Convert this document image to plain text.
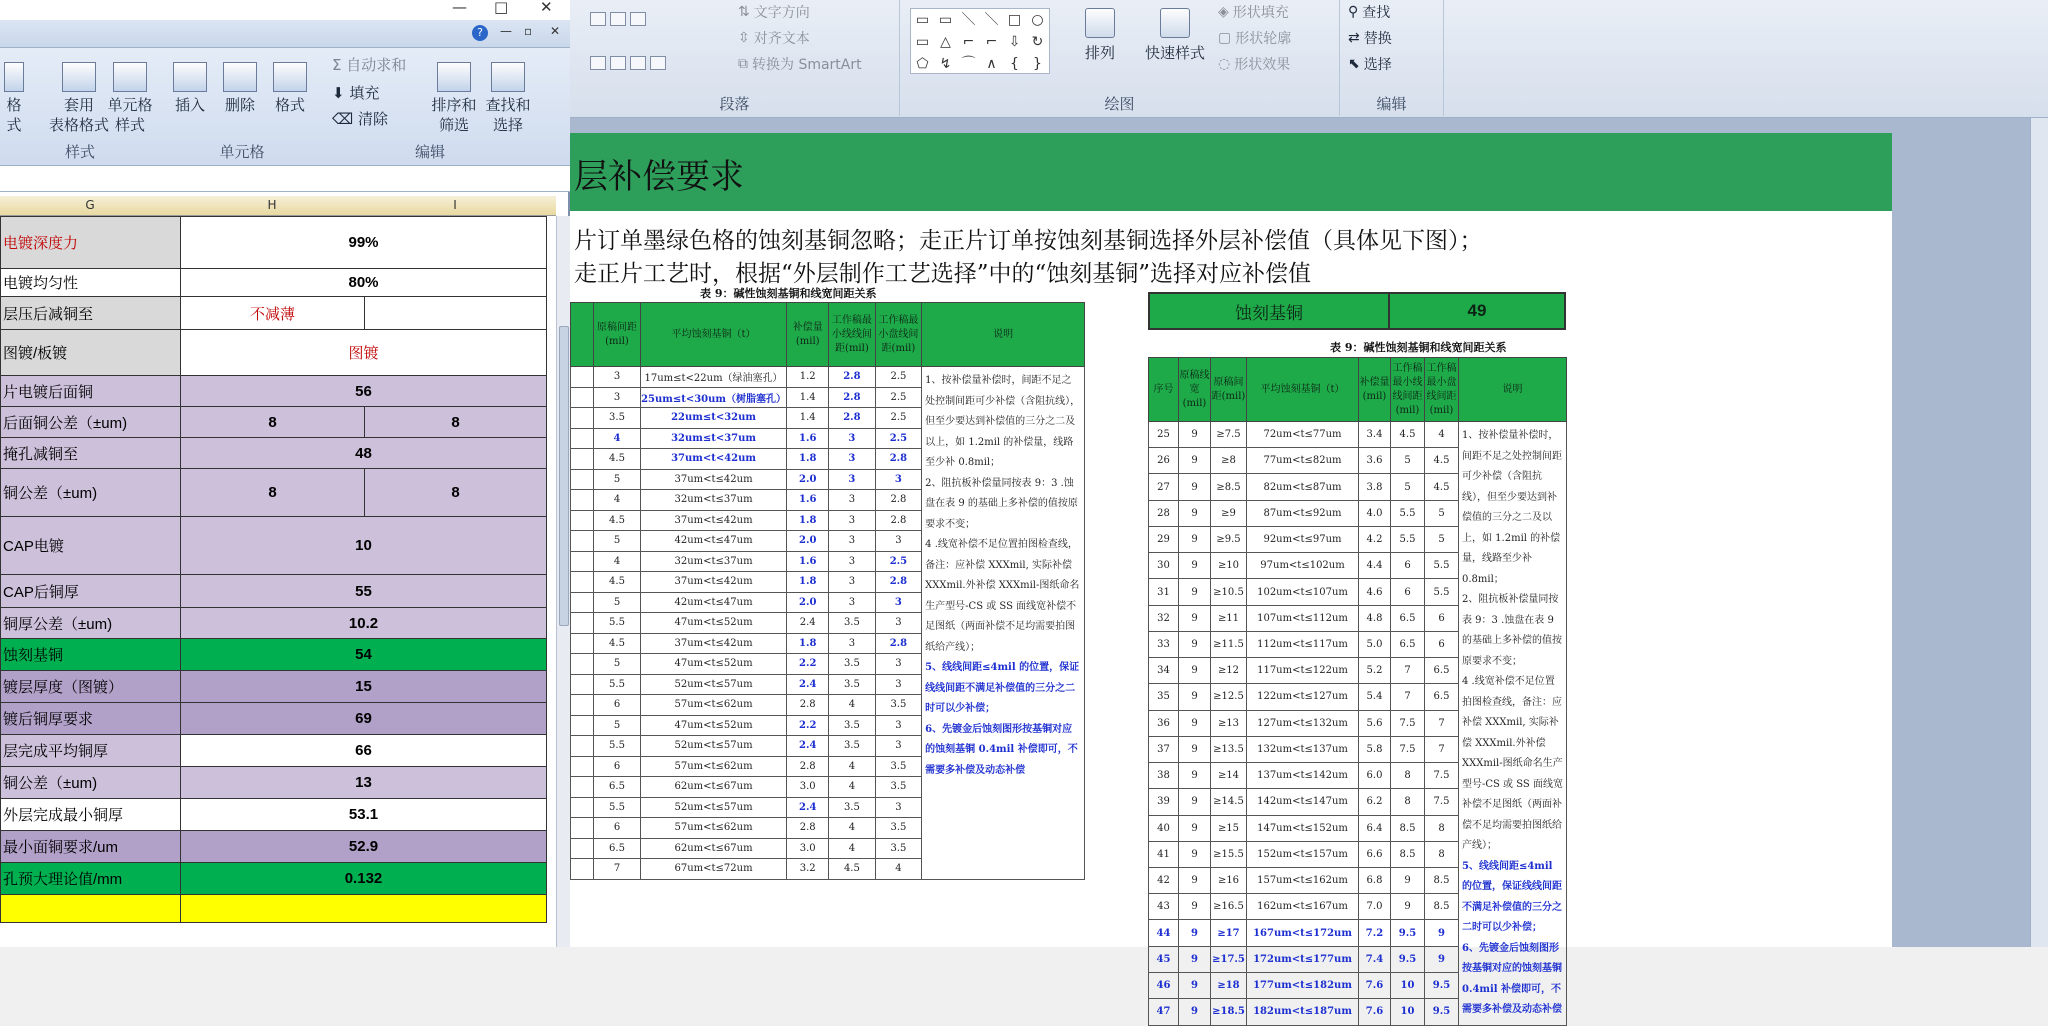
⇅ 文字方向
⇳ 对齐文本
⧉ 转换为 SmartArt
段落
▭ ▭ ＼ ＼ □ ○
▭ △ ⌐ ⌐ ⇩ ↻
⬠ ↯ ⌒ ∧ {	}
排列	快速样式
◈ 形状填充
▢ 形状轮廓
◌ 形状效果
绘图
⚲ 查找
⇄ 替换
⬉ 选择
编辑
层补偿要求
片订单墨绿色格的蚀刻基铜忽略；走正片订单按蚀刻基铜选择外层补偿值（具体见下图）；
走正片工艺时，根据“外层制作工艺选择”中的“蚀刻基铜”选择对应补偿值
表 9：碱性蚀刻基铜和线宽间距关系
	原稿间距(mil)	平均蚀刻基铜（t）	补偿量(mil)	工作稿最小线线间距(mil)	工作稿最小盘线间距(mil)	说明
	3	17um≤t<22um（绿油塞孔）	1.2	2.8	2.5	1、按补偿量补偿时，间距不足之处控制间距可少补偿（含阻抗线），但至少要达到补偿值的三分之二及以上，如 1.2mil 的补偿量，线路至少补 0.8mil；
2、阻抗板补偿量同按表 9：3 .蚀盘在表 9 的基础上多补偿的值按原要求不变；
4 .线宽补偿不足位置拍图检查线，备注：应补偿 XXXmil, 实际补偿 XXXmil.外补偿 XXXmil-图纸命名生产型号-CS 或 SS 面线宽补偿不足图纸（两面补偿不足均需要拍图纸给产线）；
5、线线间距≤4mil 的位置，保证线线间距不满足补偿值的三分之二时可以少补偿；
6、先镀金后蚀刻图形按基铜对应的蚀刻基铜 0.4mil 补偿即可，不需要多补偿及动态补偿

	3	25um≤t<30um（树脂塞孔）	1.4	2.8	2.5	
	3.5	22um≤t<32um	1.4	2.8	2.5	
	4	32um≤t<37um	1.6	3	2.5	
	4.5	37um<t<42um	1.8	3	2.8	
	5	37um<t≤42um	2.0	3	3	
	4	32um<t≤37um	1.6	3	2.8	
	4.5	37um<t≤42um	1.8	3	2.8	
	5	42um<t≤47um	2.0	3	3	
	4	32um<t≤37um	1.6	3	2.5	
	4.5	37um<t≤42um	1.8	3	2.8	
	5	42um<t≤47um	2.0	3	3	
	5.5	47um<t≤52um	2.4	3.5	3	
	4.5	37um<t≤42um	1.8	3	2.8	
	5	47um<t≤52um	2.2	3.5	3	
	5.5	52um<t≤57um	2.4	3.5	3	
	6	57um<t≤62um	2.8	4	3.5	
	5	47um<t≤52um	2.2	3.5	3	
	5.5	52um<t≤57um	2.4	3.5	3	
	6	57um<t≤62um	2.8	4	3.5	
	6.5	62um<t≤67um	3.0	4	3.5	
	5.5	52um<t≤57um	2.4	3.5	3	
	6	57um<t≤62um	2.8	4	3.5	
	6.5	62um<t≤67um	3.0	4	3.5	
	7	67um<t≤72um	3.2	4.5	4	
蚀刻基铜	49
表 9：碱性蚀刻基铜和线宽间距关系
序号	原稿线宽(mil)	原稿间距(mil)	平均蚀刻基铜（t）	补偿量(mil)	工作稿最小线线间距(mil)	工作稿最小盘线间距(mil)	说明
25	9	≥7.5	72um<t≤77um	3.4	4.5	4	1、按补偿量补偿时，间距不足之处控制间距可少补偿（含阻抗线），但至少要达到补偿值的三分之二及以上，如 1.2mil 的补偿量，线路至少补 0.8mil；
2、阻抗板补偿量同按表 9：3 .蚀盘在表 9 的基础上多补偿的值按原要求不变；
4 .线宽补偿不足位置拍图检查线，备注：应补偿 XXXmil, 实际补偿 XXXmil.外补偿 XXXmil-图纸命名生产型号-CS 或 SS 面线宽补偿不足图纸（两面补偿不足均需要拍图纸给产线）；
5、线线间距≤4mil 的位置，保证线线间距不满足补偿值的三分之二时可以少补偿；
6、先镀金后蚀刻图形按基铜对应的蚀刻基铜 0.4mil 补偿即可，不需要多补偿及动态补偿

26	9	≥8	77um<t≤82um	3.6	5	4.5	
27	9	≥8.5	82um<t≤87um	3.8	5	4.5	
28	9	≥9	87um<t≤92um	4.0	5.5	5	
29	9	≥9.5	92um<t≤97um	4.2	5.5	5	
30	9	≥10	97um<t≤102um	4.4	6	5.5	
31	9	≥10.5	102um<t≤107um	4.6	6	5.5	
32	9	≥11	107um<t≤112um	4.8	6.5	6	
33	9	≥11.5	112um<t≤117um	5.0	6.5	6	
34	9	≥12	117um<t≤122um	5.2	7	6.5	
35	9	≥12.5	122um<t≤127um	5.4	7	6.5	
36	9	≥13	127um<t≤132um	5.6	7.5	7	
37	9	≥13.5	132um<t≤137um	5.8	7.5	7	
38	9	≥14	137um<t≤142um	6.0	8	7.5	
39	9	≥14.5	142um<t≤147um	6.2	8	7.5	
40	9	≥15	147um<t≤152um	6.4	8.5	8	
41	9	≥15.5	152um<t≤157um	6.6	8.5	8	
42	9	≥16	157um<t≤162um	6.8	9	8.5	
43	9	≥16.5	162um<t≤167um	7.0	9	8.5	
44	9	≥17	167um<t≤172um	7.2	9.5	9	
45	9	≥17.5	172um<t≤177um	7.4	9.5	9	
46	9	≥18	177um<t≤182um	7.6	10	9.5	
47	9	≥18.5	182um<t≤187um	7.6	10	9.5	
— □ ✕
?	— ▫ ✕
格式
套用
表格格式
单元格
样式
样式
插入	删除	格式
单元格
Σ 自动求和
⬇ 填充
⌫ 清除
排序和
筛选
查找和
选择
编辑
G	H	I
电镀深度力	99%	
电镀均匀性	80%	
层压后减铜至	不减薄	
图镀/板镀	图镀	
片电镀后面铜	56	
后面铜公差（±um)	8	8
掩孔减铜至	48	
铜公差（±um)	8	8
CAP电镀	10	
CAP后铜厚	55	
铜厚公差（±um)	10.2	
蚀刻基铜	54	
镀层厚度（图镀）	15	
镀后铜厚要求	69	
层完成平均铜厚	66	
铜公差（±um)	13	
外层完成最小铜厚	53.1	
最小面铜要求/um	52.9	
孔预大理论值/mm	0.132	
